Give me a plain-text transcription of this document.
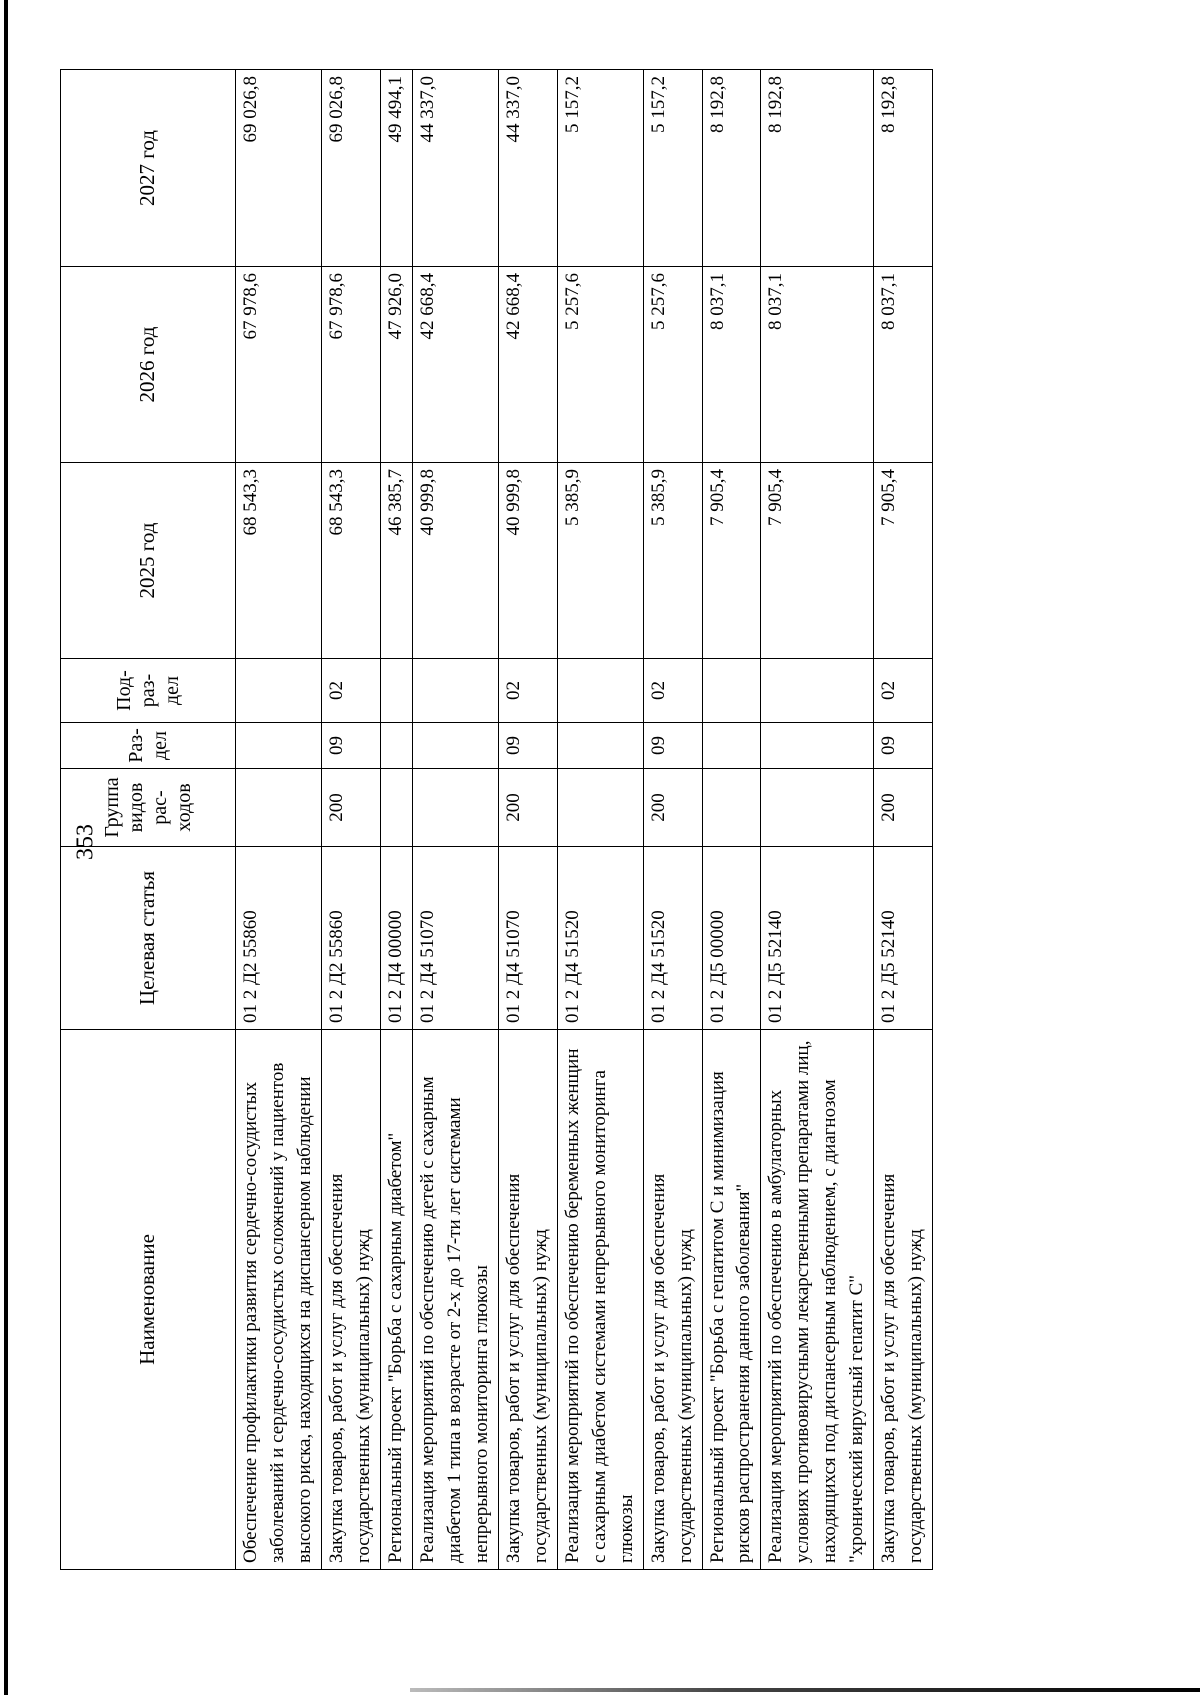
353
Наименование	Целевая статья	Группа видов рас-ходов	Раз-дел	Под-раз-дел	2025 год	2026 год	2027 год
Обеспечение профилактики развития сердечно-сосудистых заболеваний и сердечно-сосудистых осложнений у пациентов высокого риска, находящихся на диспансерном наблюдении	01 2 Д2 55860				68 543,3	67 978,6	69 026,8
Закупка товаров, работ и услуг для обеспечения государственных (муниципальных) нужд	01 2 Д2 55860	200	09	02	68 543,3	67 978,6	69 026,8
Региональный проект "Борьба с сахарным диабетом"	01 2 Д4 00000				46 385,7	47 926,0	49 494,1
Реализация мероприятий по обеспечению детей с сахарным диабетом 1 типа в возрасте от 2-х до 17-ти лет системами непрерывного мониторинга глюкозы	01 2 Д4 51070				40 999,8	42 668,4	44 337,0
Закупка товаров, работ и услуг для обеспечения государственных (муниципальных) нужд	01 2 Д4 51070	200	09	02	40 999,8	42 668,4	44 337,0
Реализация мероприятий по обеспечению беременных женщин с сахарным диабетом системами непрерывного мониторинга глюкозы	01 2 Д4 51520				5 385,9	5 257,6	5 157,2
Закупка товаров, работ и услуг для обеспечения государственных (муниципальных) нужд	01 2 Д4 51520	200	09	02	5 385,9	5 257,6	5 157,2
Региональный проект "Борьба с гепатитом С и минимизация рисков распространения данного заболевания"	01 2 Д5 00000				7 905,4	8 037,1	8 192,8
Реализация мероприятий по обеспечению в амбулаторных условиях противовирусными лекарственными препаратами лиц, находящихся под диспансерным наблюдением, с диагнозом "хронический вирусный гепатит С"	01 2 Д5 52140				7 905,4	8 037,1	8 192,8
Закупка товаров, работ и услуг для обеспечения государственных (муниципальных) нужд	01 2 Д5 52140	200	09	02	7 905,4	8 037,1	8 192,8
